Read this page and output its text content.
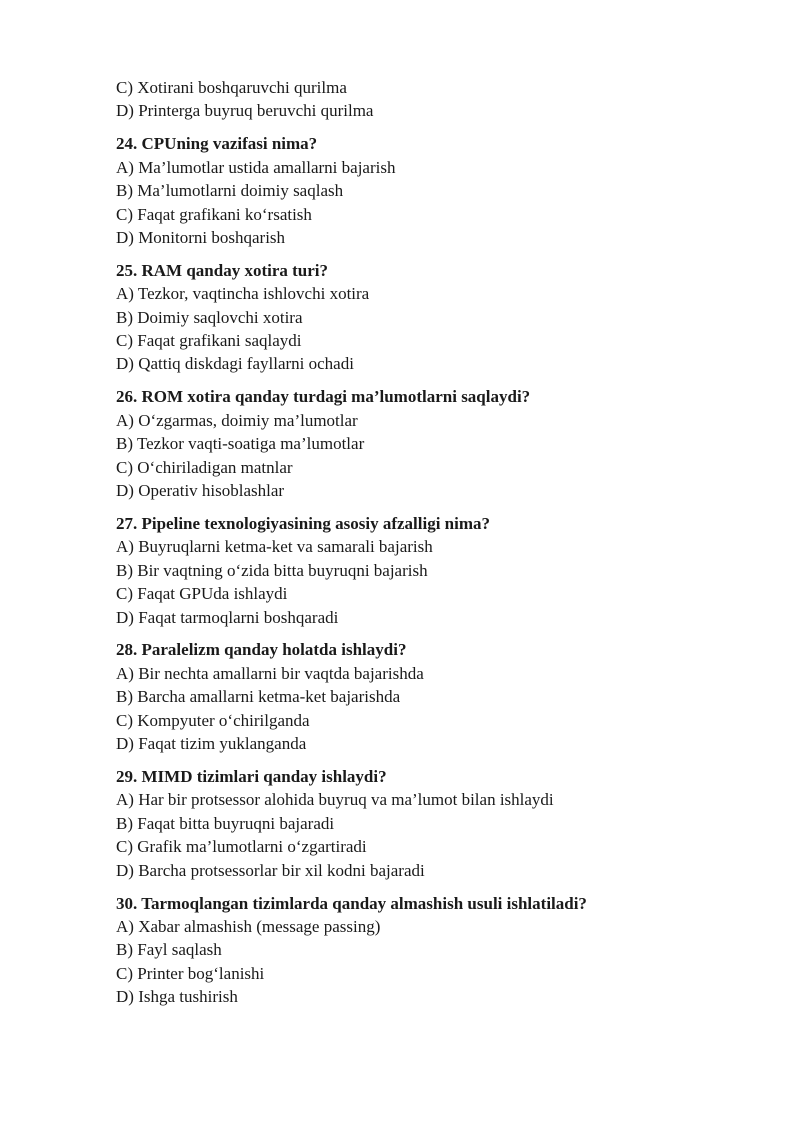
C) Xotirani boshqaruvchi qurilma
D) Printerga buyruq beruvchi qurilma
24. CPUning vazifasi nima?
A) Ma’lumotlar ustida amallarni bajarish
B) Ma’lumotlarni doimiy saqlash
C) Faqat grafikani ko‘rsatish
D) Monitorni boshqarish
25. RAM qanday xotira turi?
A) Tezkor, vaqtincha ishlovchi xotira
B) Doimiy saqlovchi xotira
C) Faqat grafikani saqlaydi
D) Qattiq diskdagi fayllarni ochadi
26. ROM xotira qanday turdagi ma’lumotlarni saqlaydi?
A) O‘zgarmas, doimiy ma’lumotlar
B) Tezkor vaqti-soatiga ma’lumotlar
C) O‘chiriladigan matnlar
D) Operativ hisoblashlar
27. Pipeline texnologiyasining asosiy afzalligi nima?
A) Buyruqlarni ketma-ket va samarali bajarish
B) Bir vaqtning o‘zida bitta buyruqni bajarish
C) Faqat GPUda ishlaydi
D) Faqat tarmoqlarni boshqaradi
28. Paralelizm qanday holatda ishlaydi?
A) Bir nechta amallarni bir vaqtda bajarishda
B) Barcha amallarni ketma-ket bajarishda
C) Kompyuter o‘chirilganda
D) Faqat tizim yuklanganda
29. MIMD tizimlari qanday ishlaydi?
A) Har bir protsessor alohida buyruq va ma’lumot bilan ishlaydi
B) Faqat bitta buyruqni bajaradi
C) Grafik ma’lumotlarni o‘zgartiradi
D) Barcha protsessorlar bir xil kodni bajaradi
30. Tarmoqlangan tizimlarda qanday almashish usuli ishlatiladi?
A) Xabar almashish (message passing)
B) Fayl saqlash
C) Printer bog‘lanishi
D) Ishga tushirish
